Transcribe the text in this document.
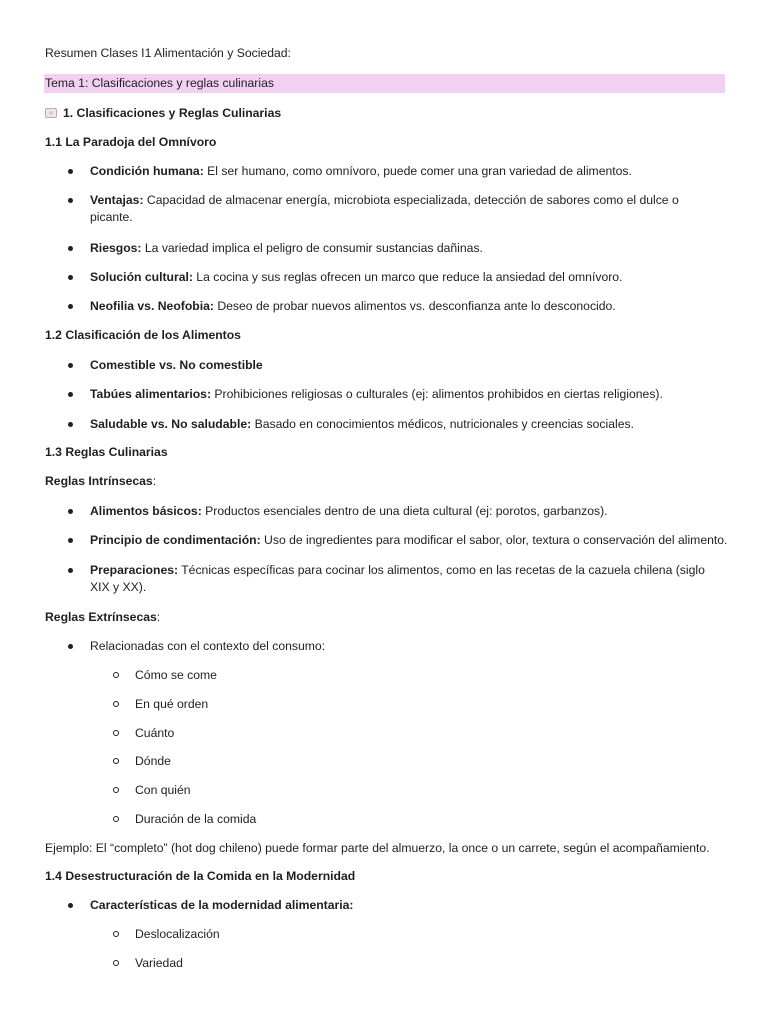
Resumen Clases I1 Alimentación y Sociedad:
Tema 1: Clasificaciones y reglas culinarias
1. Clasificaciones y Reglas Culinarias
1.1 La Paradoja del Omnívoro
Condición humana: El ser humano, como omnívoro, puede comer una gran variedad de alimentos.
Ventajas: Capacidad de almacenar energía, microbiota especializada, detección de sabores como el dulce o picante.
Riesgos: La variedad implica el peligro de consumir sustancias dañinas.
Solución cultural: La cocina y sus reglas ofrecen un marco que reduce la ansiedad del omnívoro.
Neofilia vs. Neofobia: Deseo de probar nuevos alimentos vs. desconfianza ante lo desconocido.
1.2 Clasificación de los Alimentos
Comestible vs. No comestible
Tabúes alimentarios: Prohibiciones religiosas o culturales (ej: alimentos prohibidos en ciertas religiones).
Saludable vs. No saludable: Basado en conocimientos médicos, nutricionales y creencias sociales.
1.3 Reglas Culinarias
Reglas Intrínsecas:
Alimentos básicos: Productos esenciales dentro de una dieta cultural (ej: porotos, garbanzos).
Principio de condimentación: Uso de ingredientes para modificar el sabor, olor, textura o conservación del alimento.
Preparaciones: Técnicas específicas para cocinar los alimentos, como en las recetas de la cazuela chilena (siglo XIX y XX).
Reglas Extrínsecas:
Relacionadas con el contexto del consumo:
Cómo se come
En qué orden
Cuánto
Dónde
Con quién
Duración de la comida
Ejemplo: El “completo” (hot dog chileno) puede formar parte del almuerzo, la once o un carrete, según el acompañamiento.
1.4 Desestructuración de la Comida en la Modernidad
Características de la modernidad alimentaria:
Deslocalización
Variedad
